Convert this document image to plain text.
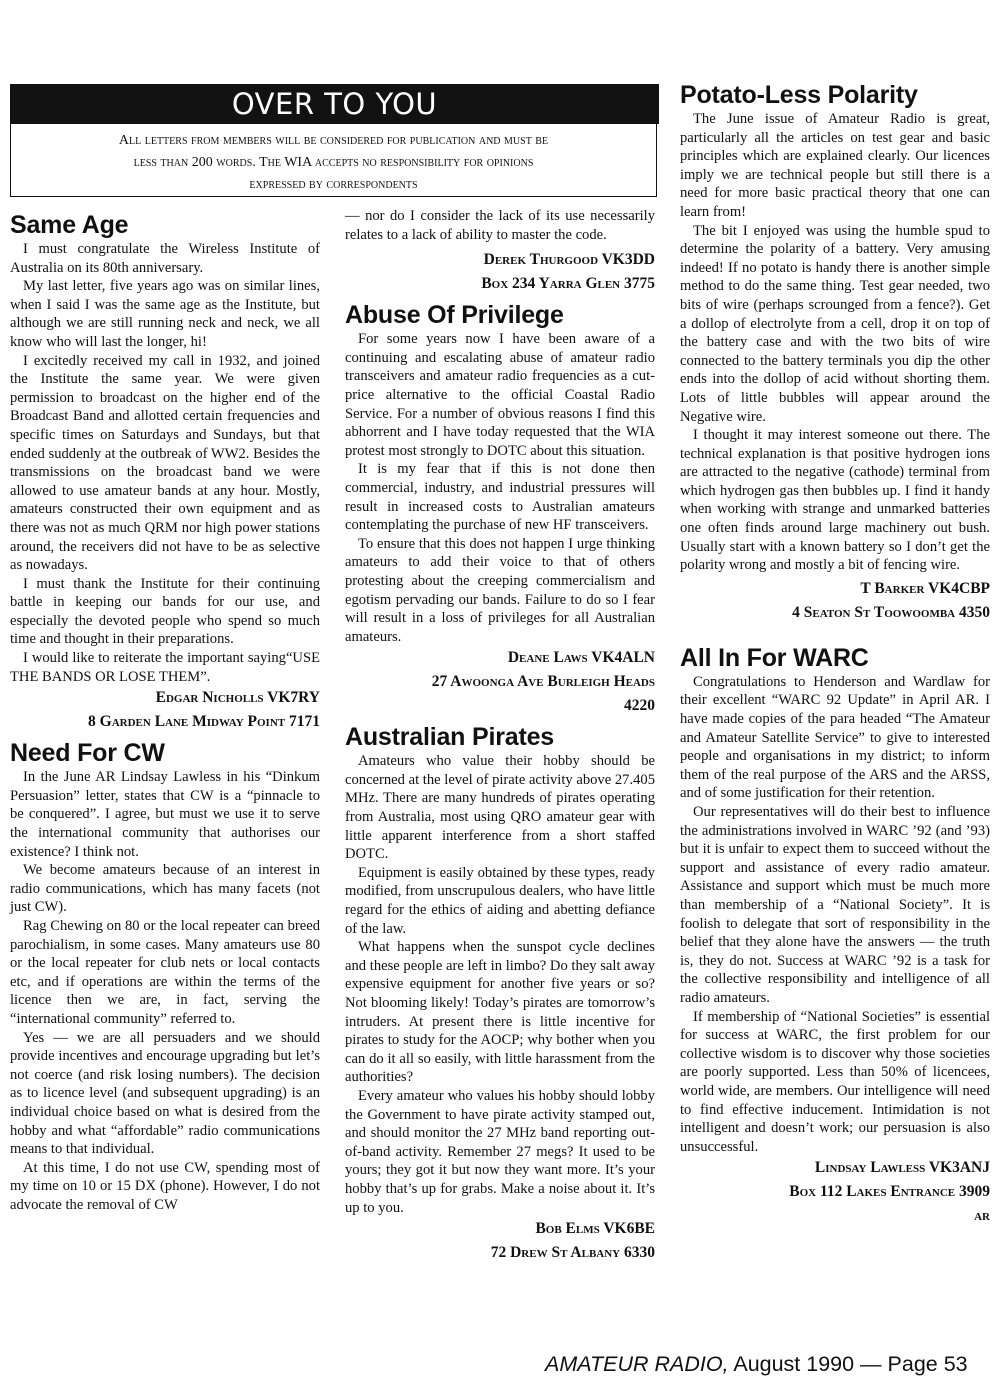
OVER TO YOU
All letters from members will be considered for publication and must be
less than 200 words. The WIA accepts no responsibility for opinions
expressed by correspondents
Same Age

I must congratulate the Wireless Institute of Australia on its 80th anniversary.

My last letter, five years ago was on similar lines, when I said I was the same age as the Institute, but although we are still running neck and neck, we all know who will last the longer, hi!

I excitedly received my call in 1932, and joined the Institute the same year. We were given permission to broadcast on the higher end of the Broadcast Band and allotted certain frequencies and specific times on Saturdays and Sundays, but that ended suddenly at the outbreak of WW2. Besides the transmissions on the broadcast band we were allowed to use amateur bands at any hour. Mostly, amateurs constructed their own equipment and as there was not as much QRM nor high power stations around, the receivers did not have to be as selective as nowadays.

I must thank the Institute for their continuing battle in keeping our bands for our use, and especially the devoted people who spend so much time and thought in their preparations.

I would like to reiterate the important saying“USE THE BANDS OR LOSE THEM”.

Edgar Nicholls VK7RY
8 Garden Lane Midway Point 7171
Need For CW

In the June AR Lindsay Lawless in his “Dinkum Persuasion” letter, states that CW is a “pinnacle to be conquered”. I agree, but must we use it to serve the international community that authorises our existence? I think not.

We become amateurs because of an interest in radio communications, which has many facets (not just CW).

Rag Chewing on 80 or the local repeater can breed parochialism, in some cases. Many amateurs use 80 or the local repeater for club nets or local contacts etc, and if operations are within the terms of the licence then we are, in fact, serving the “international community” referred to.

Yes — we are all persuaders and we should provide incentives and encourage upgrading but let’s not coerce (and risk losing numbers). The decision as to licence level (and subsequent upgrading) is an individual choice based on what is desired from the hobby and what “affordable” radio communications means to that individual.

At this time, I do not use CW, spending most of my time on 10 or 15 DX (phone). However, I do not advocate the removal of CW

— nor do I consider the lack of its use necessarily relates to a lack of ability to master the code.

Derek Thurgood VK3DD
Box 234 Yarra Glen 3775
Abuse Of Privilege

For some years now I have been aware of a continuing and escalating abuse of amateur radio transceivers and amateur radio frequencies as a cut-price alternative to the official Coastal Radio Service. For a number of obvious reasons I find this abhorrent and I have today requested that the WIA protest most strongly to DOTC about this situation.

It is my fear that if this is not done then commercial, industry, and industrial pressures will result in increased costs to Australian amateurs contemplating the purchase of new HF transceivers.

To ensure that this does not happen I urge thinking amateurs to add their voice to that of others protesting about the creeping commercialism and egotism pervading our bands. Failure to do so I fear will result in a loss of privileges for all Australian amateurs.

Deane Laws VK4ALN
27 Awoonga Ave Burleigh Heads
4220
Australian Pirates

Amateurs who value their hobby should be concerned at the level of pirate activity above 27.405 MHz. There are many hundreds of pirates operating from Australia, most using QRO amateur gear with little apparent interference from a short staffed DOTC.

Equipment is easily obtained by these types, ready modified, from unscrupulous dealers, who have little regard for the ethics of aiding and abetting defiance of the law.

What happens when the sunspot cycle declines and these people are left in limbo? Do they salt away expensive equipment for another five years or so? Not blooming likely! Today’s pirates are tomorrow’s intruders. At present there is little incentive for pirates to study for the AOCP; why bother when you can do it all so easily, with little harassment from the authorities?

Every amateur who values his hobby should lobby the Government to have pirate activity stamped out, and should monitor the 27 MHz band reporting out-of-band activity. Remember 27 megs? It used to be yours; they got it but now they want more. It’s your hobby that’s up for grabs. Make a noise about it. It’s up to you.

Bob Elms VK6BE
72 Drew St Albany 6330
Potato-Less Polarity

The June issue of Amateur Radio is great, particularly all the articles on test gear and basic principles which are explained clearly. Our licences imply we are technical people but still there is a need for more basic practical theory that one can learn from!

The bit I enjoyed was using the humble spud to determine the polarity of a battery. Very amusing indeed! If no potato is handy there is another simple method to do the same thing. Test gear needed, two bits of wire (perhaps scrounged from a fence?). Get a dollop of electrolyte from a cell, drop it on top of the battery case and with the two bits of wire connected to the battery terminals you dip the other ends into the dollop of acid without shorting them. Lots of little bubbles will appear around the Negative wire.

I thought it may interest someone out there. The technical explanation is that positive hydrogen ions are attracted to the negative (cathode) terminal from which hydrogen gas then bubbles up. I find it handy when working with strange and unmarked batteries one often finds around large machinery out bush. Usually start with a known battery so I don’t get the polarity wrong and mostly a bit of fencing wire.

T Barker VK4CBP
4 Seaton St Toowoomba 4350
All In For WARC

Congratulations to Henderson and Wardlaw for their excellent “WARC 92 Update” in April AR. I have made copies of the para headed “The Amateur and Amateur Satellite Service” to give to interested people and organisations in my district; to inform them of the real purpose of the ARS and the ARSS, and of some justification for their retention.

Our representatives will do their best to influence the administrations involved in WARC ’92 (and ’93) but it is unfair to expect them to succeed without the support and assistance of every radio amateur. Assistance and support which must be much more than membership of a “National Society”. It is foolish to delegate that sort of responsibility in the belief that they alone have the answers — the truth is, they do not. Success at WARC ’92 is a task for the collective responsibility and intelligence of all radio amateurs.

If membership of “National Societies” is essential for success at WARC, the first problem for our collective wisdom is to discover why those societies are poorly supported. Less than 50% of licencees, world wide, are members. Our intelligence will need to find effective inducement. Intimidation is not intelligent and doesn’t work; our persuasion is also unsuccessful.

Lindsay Lawless VK3ANJ
Box 112 Lakes Entrance 3909
ar
AMATEUR RADIO, August 1990 — Page 53
